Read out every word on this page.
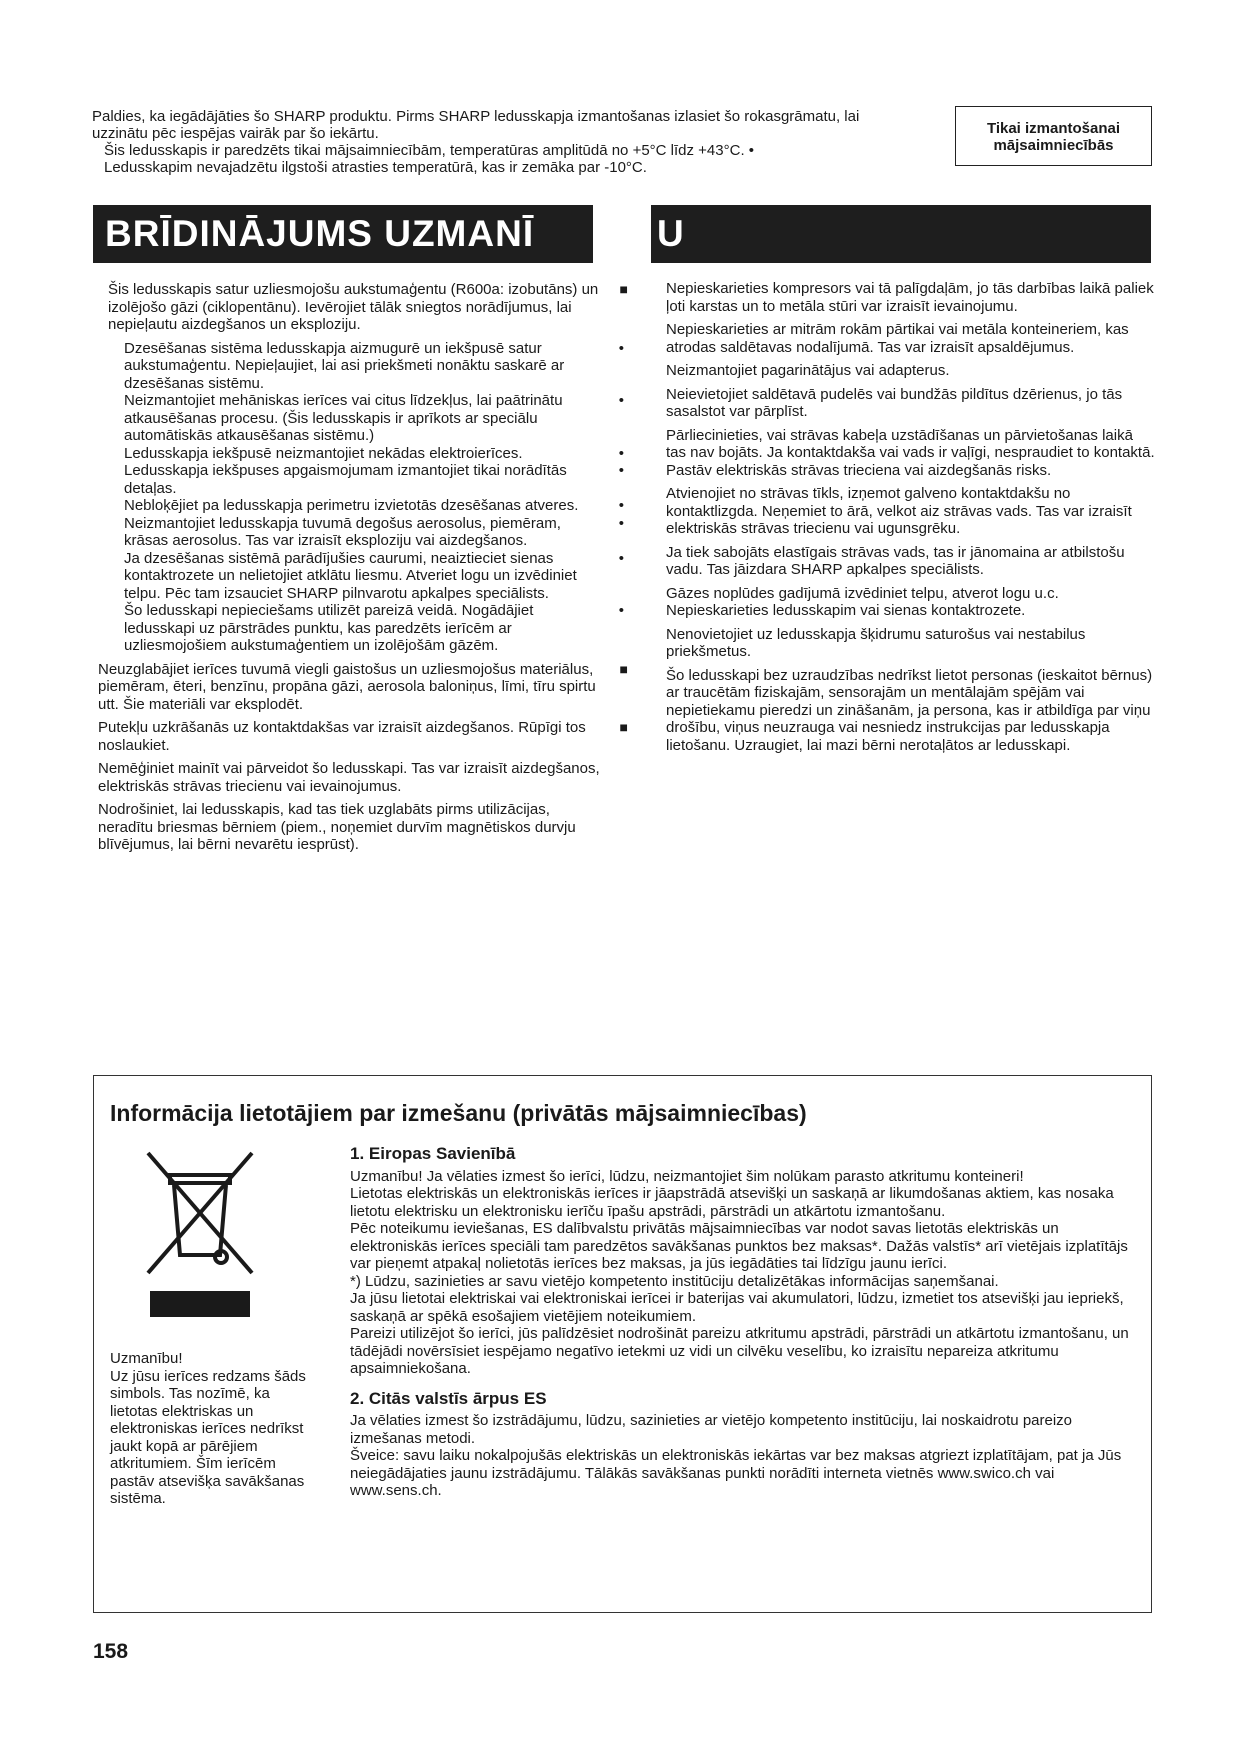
Paldies, ka iegādājāties šo SHARP produktu. Pirms SHARP ledusskapja izmantošanas izlasiet šo rokasgrāmatu, lai uzzinātu pēc iespējas vairāk par šo iekārtu.

Šis ledusskapis ir paredzēts tikai mājsaimniecībām, temperatūras amplitūdā no +5°C līdz +43°C. •

Ledusskapim nevajadzētu ilgstoši atrasties temperatūrā, kas ir zemāka par -10°C.

Tikai izmantošanai
mājsaimniecībās
BRĪDINĀJUMS UZMANĪ	U
Šis ledusskapis satur uzliesmojošu aukstumaģentu (R600a: izobutāns) un izolējošo gāzi (ciklopentānu). Ievērojiet tālāk sniegtos norādījumus, lai nepieļautu aizdegšanos un eksploziju.
■
Dzesēšanas sistēma ledusskapja aizmugurē un iekšpusē satur aukstumaģentu. Nepieļaujiet, lai asi priekšmeti nonāktu saskarē ar dzesēšanas sistēmu.
•
Neizmantojiet mehāniskas ierīces vai citus līdzekļus, lai paātrinātu atkausēšanas procesu. (Šis ledusskapis ir aprīkots ar speciālu automātiskās atkausēšanas sistēmu.)
•
Ledusskapja iekšpusē neizmantojiet nekādas elektroierīces.	•
Ledusskapja iekšpuses apgaismojumam izmantojiet tikai norādītās detaļas.
•
Nebloķējiet pa ledusskapja perimetru izvietotās dzesēšanas atveres.	•
Neizmantojiet ledusskapja tuvumā degošus aerosolus, piemēram, krāsas aerosolus. Tas var izraisīt eksploziju vai aizdegšanos.
•
Ja dzesēšanas sistēmā parādījušies caurumi, neaiztieciet sienas kontaktrozete un nelietojiet atklātu liesmu. Atveriet logu un izvēdiniet telpu. Pēc tam izsauciet SHARP pilnvarotu apkalpes speciālists.
•
Šo ledusskapi nepieciešams utilizēt pareizā veidā. Nogādājiet ledusskapi uz pārstrādes punktu, kas paredzēts ierīcēm ar uzliesmojošiem aukstumaģentiem un izolējošām gāzēm.
•
Neuzglabājiet ierīces tuvumā viegli gaistošus un uzliesmojošus materiālus, piemēram, ēteri, benzīnu, propāna gāzi, aerosola baloniņus, līmi, tīru spirtu utt. Šie materiāli var eksplodēt.
■
Putekļu uzkrāšanās uz kontaktdakšas var izraisīt aizdegšanos. Rūpīgi tos noslaukiet.
■
Nemēģiniet mainīt vai pārveidot šo ledusskapi. Tas var izraisīt aizdegšanos, elektriskās strāvas triecienu vai ievainojumus.
Nodrošiniet, lai ledusskapis, kad tas tiek uzglabāts pirms utilizācijas, neradītu briesmas bērniem (piem., noņemiet durvīm magnētiskos durvju blīvējumus, lai bērni nevarētu iesprūst).
Nepieskarieties kompresors vai tā palīgdaļām, jo tās darbības laikā paliek ļoti karstas un to metāla stūri var izraisīt ievainojumu.
Nepieskarieties ar mitrām rokām pārtikai vai metāla konteineriem, kas atrodas saldētavas nodalījumā. Tas var izraisīt apsaldējumus.
Neizmantojiet pagarinātājus vai adapterus.
Neievietojiet saldētavā pudelēs vai bundžās pildītus dzērienus, jo tās sasalstot var pārplīst.
Pārliecinieties, vai strāvas kabeļa uzstādīšanas un pārvietošanas laikā tas nav bojāts. Ja kontaktdakša vai vads ir vaļīgi, nespraudiet to kontaktā. Pastāv elektriskās strāvas trieciena vai aizdegšanās risks.
Atvienojiet no strāvas tīkls, izņemot galveno kontaktdakšu no kontaktlizgda. Neņemiet to ārā, velkot aiz strāvas vads. Tas var izraisīt elektriskās strāvas triecienu vai ugunsgrēku.
Ja tiek sabojāts elastīgais strāvas vads, tas ir jānomaina ar atbilstošu vadu. Tas jāizdara SHARP apkalpes speciālists.
Gāzes noplūdes gadījumā izvēdiniet telpu, atverot logu u.c. Nepieskarieties ledusskapim vai sienas kontaktrozete.
Nenovietojiet uz ledusskapja šķidrumu saturošus vai nestabilus priekšmetus.
Šo ledusskapi bez uzraudzības nedrīkst lietot personas (ieskaitot bērnus) ar traucētām fiziskajām, sensorajām un mentālajām spējām vai nepietiekamu pieredzi un zināšanām, ja persona, kas ir atbildīga par viņu drošību, viņus neuzrauga vai nesniedz instrukcijas par ledusskapja lietošanu. Uzraugiet, lai mazi bērni nerotaļātos ar ledusskapi.
Informācija lietotājiem par izmešanu (privātās mājsaimniecības)

Uzmanību!

Uz jūsu ierīces redzams šāds simbols. Tas nozīmē, ka lietotas elektriskas un elektroniskas ierīces nedrīkst jaukt kopā ar pārējiem atkritumiem. Šīm ierīcēm pastāv atsevišķa savākšanas sistēma.

1. Eiropas Savienībā

Uzmanību! Ja vēlaties izmest šo ierīci, lūdzu, neizmantojiet šim nolūkam parasto atkritumu konteineri!

Lietotas elektriskās un elektroniskās ierīces ir jāapstrādā atsevišķi un saskaņā ar likumdošanas aktiem, kas nosaka lietotu elektrisku un elektronisku ierīču īpašu apstrādi, pārstrādi un atkārtotu izmantošanu.

Pēc noteikumu ieviešanas, ES dalībvalstu privātās mājsaimniecības var nodot savas lietotās elektriskās un elektroniskās ierīces speciāli tam paredzētos savākšanas punktos bez maksas*. Dažās valstīs* arī vietējais izplatītājs var pieņemt atpakaļ nolietotās ierīces bez maksas, ja jūs iegādāties tai līdzīgu jaunu ierīci.

*) Lūdzu, sazinieties ar savu vietējo kompetento institūciju detalizētākas informācijas saņemšanai.

Ja jūsu lietotai elektriskai vai elektroniskai ierīcei ir baterijas vai akumulatori, lūdzu, izmetiet tos atsevišķi jau iepriekš, saskaņā ar spēkā esošajiem vietējiem noteikumiem.

Pareizi utilizējot šo ierīci, jūs palīdzēsiet nodrošināt pareizu atkritumu apstrādi, pārstrādi un atkārtotu izmantošanu, un tādējādi novērsīsiet iespējamo negatīvo ietekmi uz vidi un cilvēku veselību, ko izraisītu nepareiza atkritumu apsaimniekošana.

2. Citās valstīs ārpus ES

Ja vēlaties izmest šo izstrādājumu, lūdzu, sazinieties ar vietējo kompetento institūciju, lai noskaidrotu pareizo izmešanas metodi.

Šveice: savu laiku nokalpojušās elektriskās un elektroniskās iekārtas var bez maksas atgriezt izplatītājam, pat ja Jūs neiegādājaties jaunu izstrādājumu. Tālākās savākšanas punkti norādīti interneta vietnēs www.swico.ch vai www.sens.ch.

158
